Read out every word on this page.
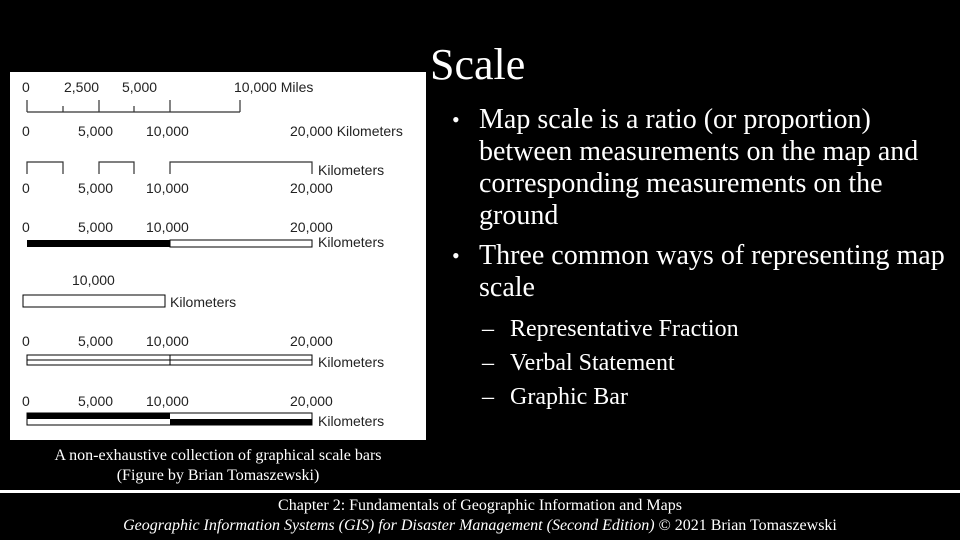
0 2,500 5,000	10,000 Miles
0	5,000 10,000	20,000 Kilometers
Kilometers
0	5,000 10,000	20,000
0	5,000 10,000	20,000
Kilometers
10,000
Kilometers
0	5,000 10,000	20,000
Kilometers
0	5,000 10,000	20,000
Kilometers
Scale
• Map scale is a ratio (or proportion) between measurements on the map and corresponding measurements on the ground
• Three common ways of representing map scale
– Representative Fraction
– Verbal Statement
– Graphic Bar
A non-exhaustive collection of graphical scale bars
(Figure by Brian Tomaszewski)
Chapter 2: Fundamentals of Geographic Information and Maps
Geographic Information Systems (GIS) for Disaster Management (Second Edition) © 2021 Brian Tomaszewski
